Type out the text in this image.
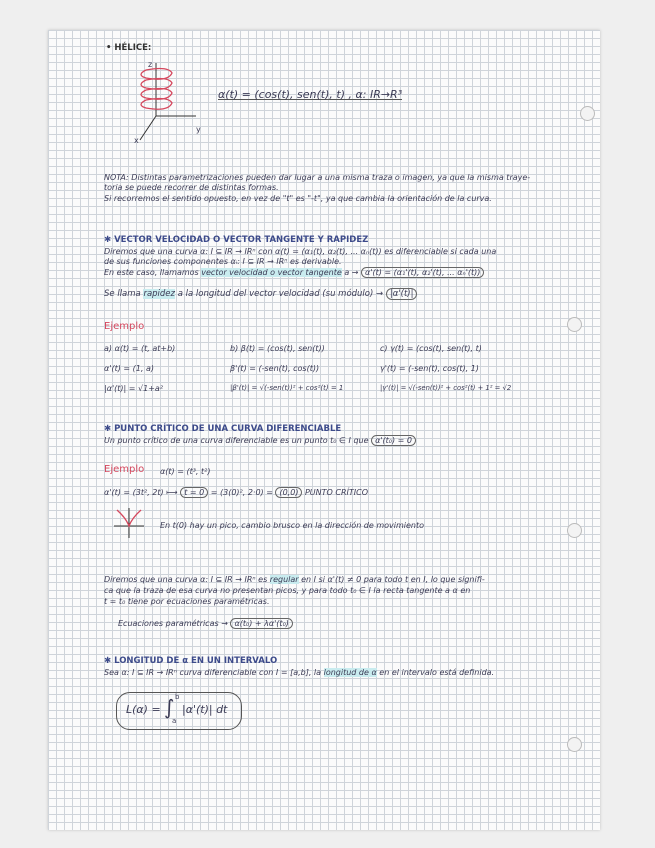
• HÉLICE:

z

y

x

α(t) = (cos(t), sen(t), t) , α: IR→R³

NOTA: Distintas parametrizaciones pueden dar lugar a una misma traza o imagen, ya que la misma traye-

toria se puede recorrer de distintas formas.

Si recorremos el sentido opuesto, en vez de "t" es "-t", ya que cambia la orientación de la curva.

✱ VECTOR VELOCIDAD O VECTOR TANGENTE Y RAPIDEZ

Diremos que una curva α: I ⊆ IR → IRⁿ con α(t) = (α₁(t), α₂(t), ... αₙ(t)) es diferenciable si cada una

de sus funciones componentes αᵢ: I ⊆ IR → IRⁿ es derivable.

En este caso, llamamos vector velocidad o vector tangente a → α'(t) = (α₁'(t), α₂'(t), ... αₙ'(t))

Se llama rapidez a la longitud del vector velocidad (su módulo) → |α'(t)|

Ejemplo

a) α(t) = (t, at+b)

α'(t) = (1, a)

|α'(t)| = √1+a²

b) β(t) = (cos(t), sen(t))

β'(t) = (-sen(t), cos(t))

|β'(t)| = √(-sen(t))² + cos²(t) = 1

c) γ(t) = (cos(t), sen(t), t)

γ'(t) = (-sen(t), cos(t), 1)

|γ'(t)| = √(-sen(t))² + cos²(t) + 1² = √2

✱ PUNTO CRÍTICO DE UNA CURVA DIFERENCIABLE

Un punto crítico de una curva diferenciable es un punto t₀ ∈ I que α'(t₀) = 0

Ejemplo α(t) = (t³, t²)

α'(t) = (3t², 2t) ⟼ t = 0 = (3(0)², 2·0) = (0,0) PUNTO CRÍTICO

En t(0) hay un pico, cambio brusco en la dirección de movimiento

Diremos que una curva α: I ⊆ IR → IRⁿ es regular en I si α'(t) ≠ 0 para todo t en I, lo que signifi-

ca que la traza de esa curva no presentan picos, y para todo t₀ ∈ I la recta tangente a α en

t = t₀ tiene por ecuaciones paramétricas.

Ecuaciones paramétricas → α(t₀) + λα'(t₀)

✱ LONGITUD DE α EN UN INTERVALO

Sea α: I ⊆ IR → IRⁿ curva diferenciable con I = [a,b], la longitud de α en el intervalo está definida.

L(α) = ∫ b

a

|α'(t)| dt
